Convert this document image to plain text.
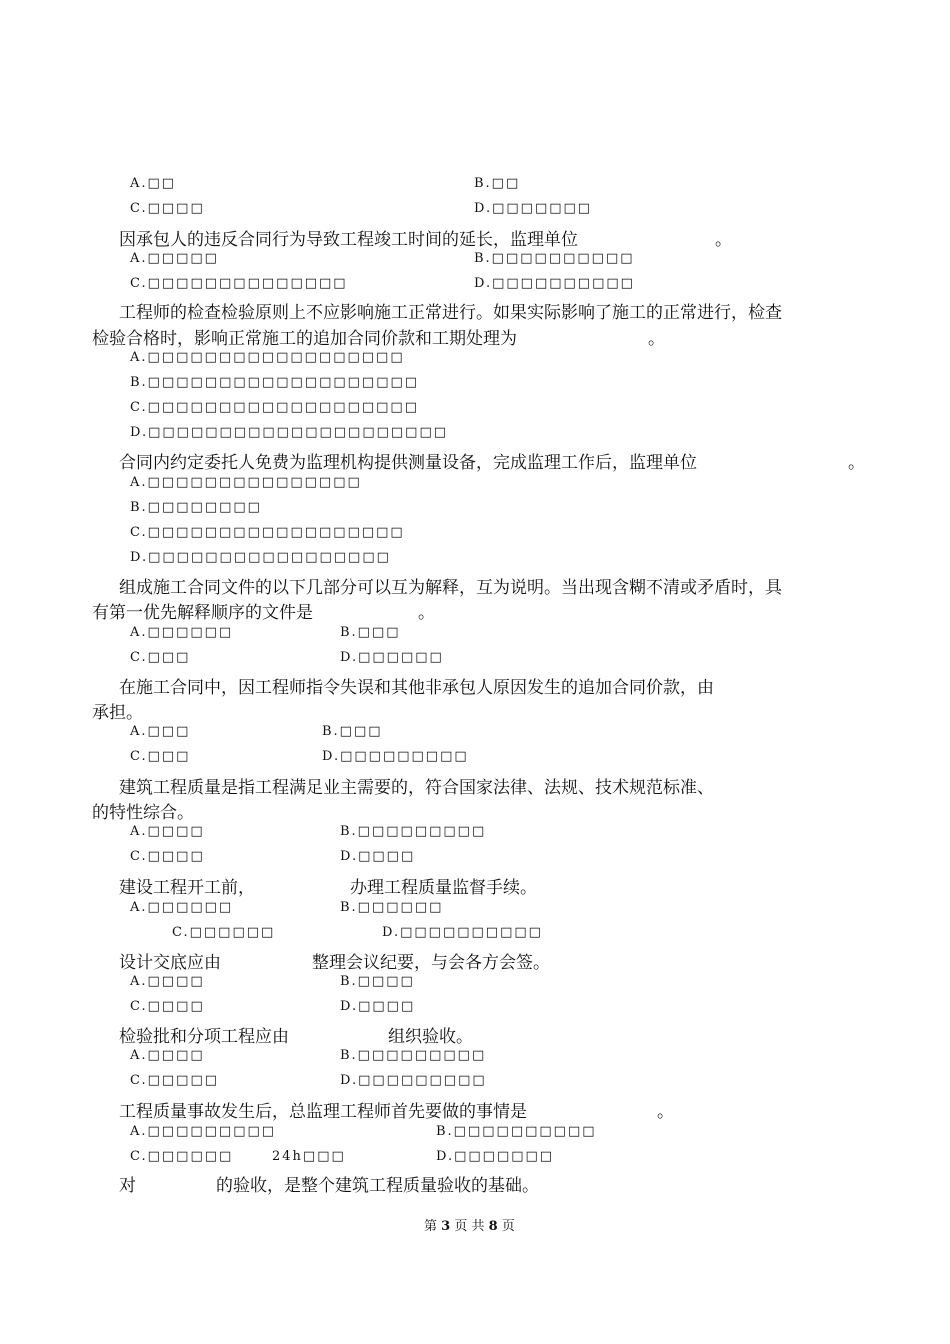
A.□□	B.□□
C.□□□□	D.□□□□□□□
因承包人的违反合同行为导致工程竣工时间的延长，监理单位	。
A.□□□□□	B.□□□□□□□□□□
C.□□□□□□□□□□□□□□	D.□□□□□□□□□□
工程师的检查检验原则上不应影响施工正常进行。如果实际影响了施工的正常进行，检查
检验合格时，影响正常施工的追加合同价款和工期处理为	。
A.□□□□□□□□□□□□□□□□□□
B.□□□□□□□□□□□□□□□□□□□
C.□□□□□□□□□□□□□□□□□□□
D.□□□□□□□□□□□□□□□□□□□□□
合同内约定委托人免费为监理机构提供测量设备，完成监理工作后，监理单位	。
A.□□□□□□□□□□□□□□□
B.□□□□□□□□
C.□□□□□□□□□□□□□□□□□□
D.□□□□□□□□□□□□□□□□□
组成施工合同文件的以下几部分可以互为解释，互为说明。当出现含糊不清或矛盾时，具
有第一优先解释顺序的文件是	。
A.□□□□□□	B.□□□
C.□□□	D.□□□□□□
在施工合同中，因工程师指令失误和其他非承包人原因发生的追加合同价款，由
承担。
A.□□□	B.□□□
C.□□□	D.□□□□□□□□□
建筑工程质量是指工程满足业主需要的，符合国家法律、法规、技术规范标准、
的特性综合。
A.□□□□	B.□□□□□□□□□
C.□□□□	D.□□□□
建设工程开工前，	办理工程质量监督手续。
A.□□□□□□	B.□□□□□□
C.□□□□□□	D.□□□□□□□□□□
设计交底应由	整理会议纪要，与会各方会签。
A.□□□□	B.□□□□
C.□□□□	D.□□□□
检验批和分项工程应由	组织验收。
A.□□□□	B.□□□□□□□□□
C.□□□□□	D.□□□□□□□□□
工程质量事故发生后，总监理工程师首先要做的事情是	。
A.□□□□□□□□□	B.□□□□□□□□□□
C.□□□□□□	24h□□□	D.□□□□□□□
对	的验收，是整个建筑工程质量验收的基础。
第 3 页 共 8 页
